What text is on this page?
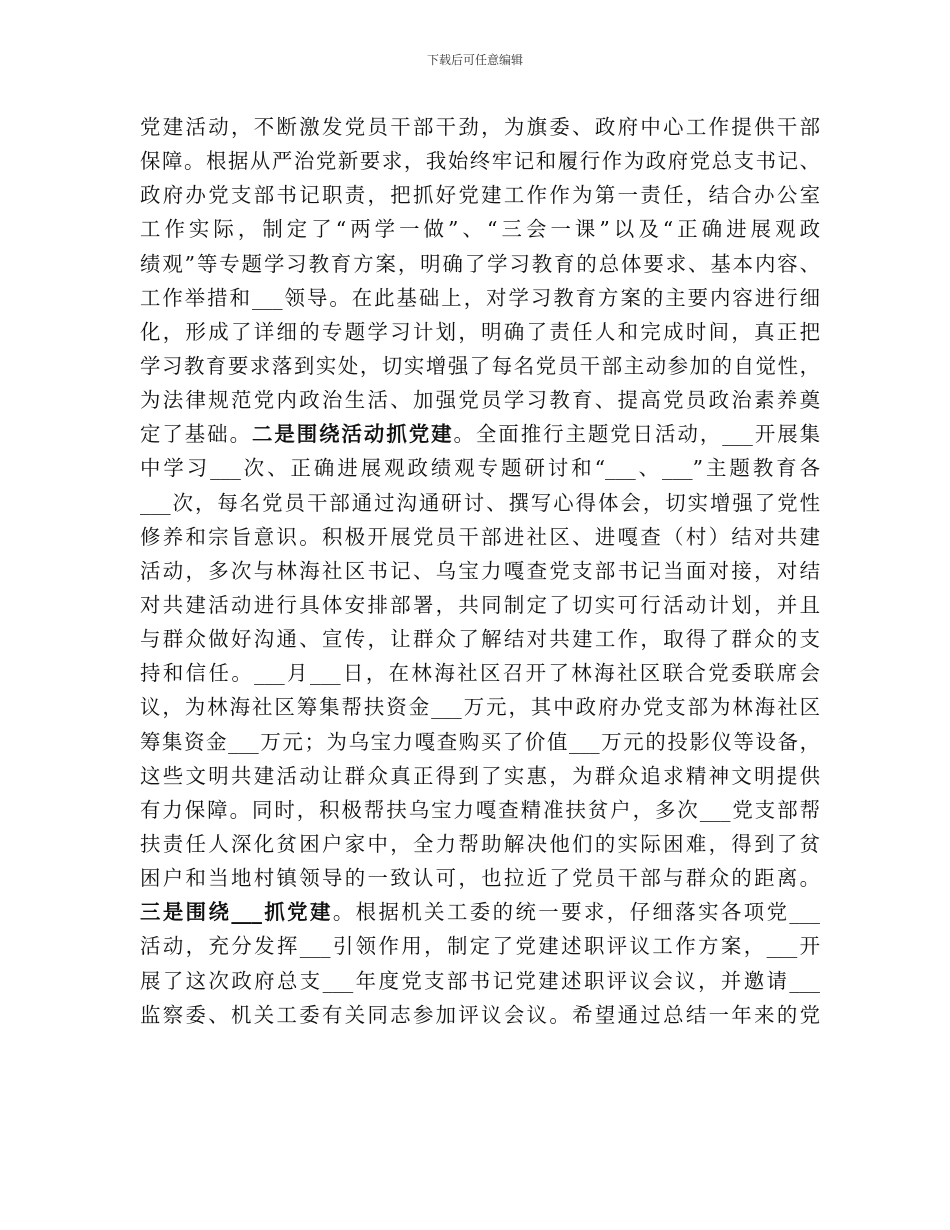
下载后可任意编辑
党建活动，不断激发党员干部干劲，为旗委、政府中心工作提供干部
保障。根据从严治党新要求，我始终牢记和履行作为政府党总支书记、
政府办党支部书记职责，把抓好党建工作作为第一责任，结合办公室
工作实际，制定了“两学一做”、“三会一课”以及“正确进展观政
绩观”等专题学习教育方案，明确了学习教育的总体要求、基本内容、
工作举措和___领导。在此基础上，对学习教育方案的主要内容进行细
化，形成了详细的专题学习计划，明确了责任人和完成时间，真正把
学习教育要求落到实处，切实增强了每名党员干部主动参加的自觉性，
为法律规范党内政治生活、加强党员学习教育、提高党员政治素养奠
定了基础。二是围绕活动抓党建。全面推行主题党日活动，___开展集
中学习___次、正确进展观政绩观专题研讨和“___、___”主题教育各
___次，每名党员干部通过沟通研讨、撰写心得体会，切实增强了党性
修养和宗旨意识。积极开展党员干部进社区、进嘎查（村）结对共建
活动，多次与林海社区书记、乌宝力嘎查党支部书记当面对接，对结
对共建活动进行具体安排部署，共同制定了切实可行活动计划，并且
与群众做好沟通、宣传，让群众了解结对共建工作，取得了群众的支
持和信任。___月___日，在林海社区召开了林海社区联合党委联席会
议，为林海社区筹集帮扶资金___万元，其中政府办党支部为林海社区
筹集资金___万元；为乌宝力嘎查购买了价值___万元的投影仪等设备，
这些文明共建活动让群众真正得到了实惠，为群众追求精神文明提供
有力保障。同时，积极帮扶乌宝力嘎查精准扶贫户，多次___党支部帮
扶责任人深化贫困户家中，全力帮助解决他们的实际困难，得到了贫
困户和当地村镇领导的一致认可，也拉近了党员干部与群众的距离。
三是围绕___抓党建。根据机关工委的统一要求，仔细落实各项党___
活动，充分发挥___引领作用，制定了党建述职评议工作方案，___开
展了这次政府总支___年度党支部书记党建述职评议会议，并邀请___
监察委、机关工委有关同志参加评议会议。希望通过总结一年来的党
